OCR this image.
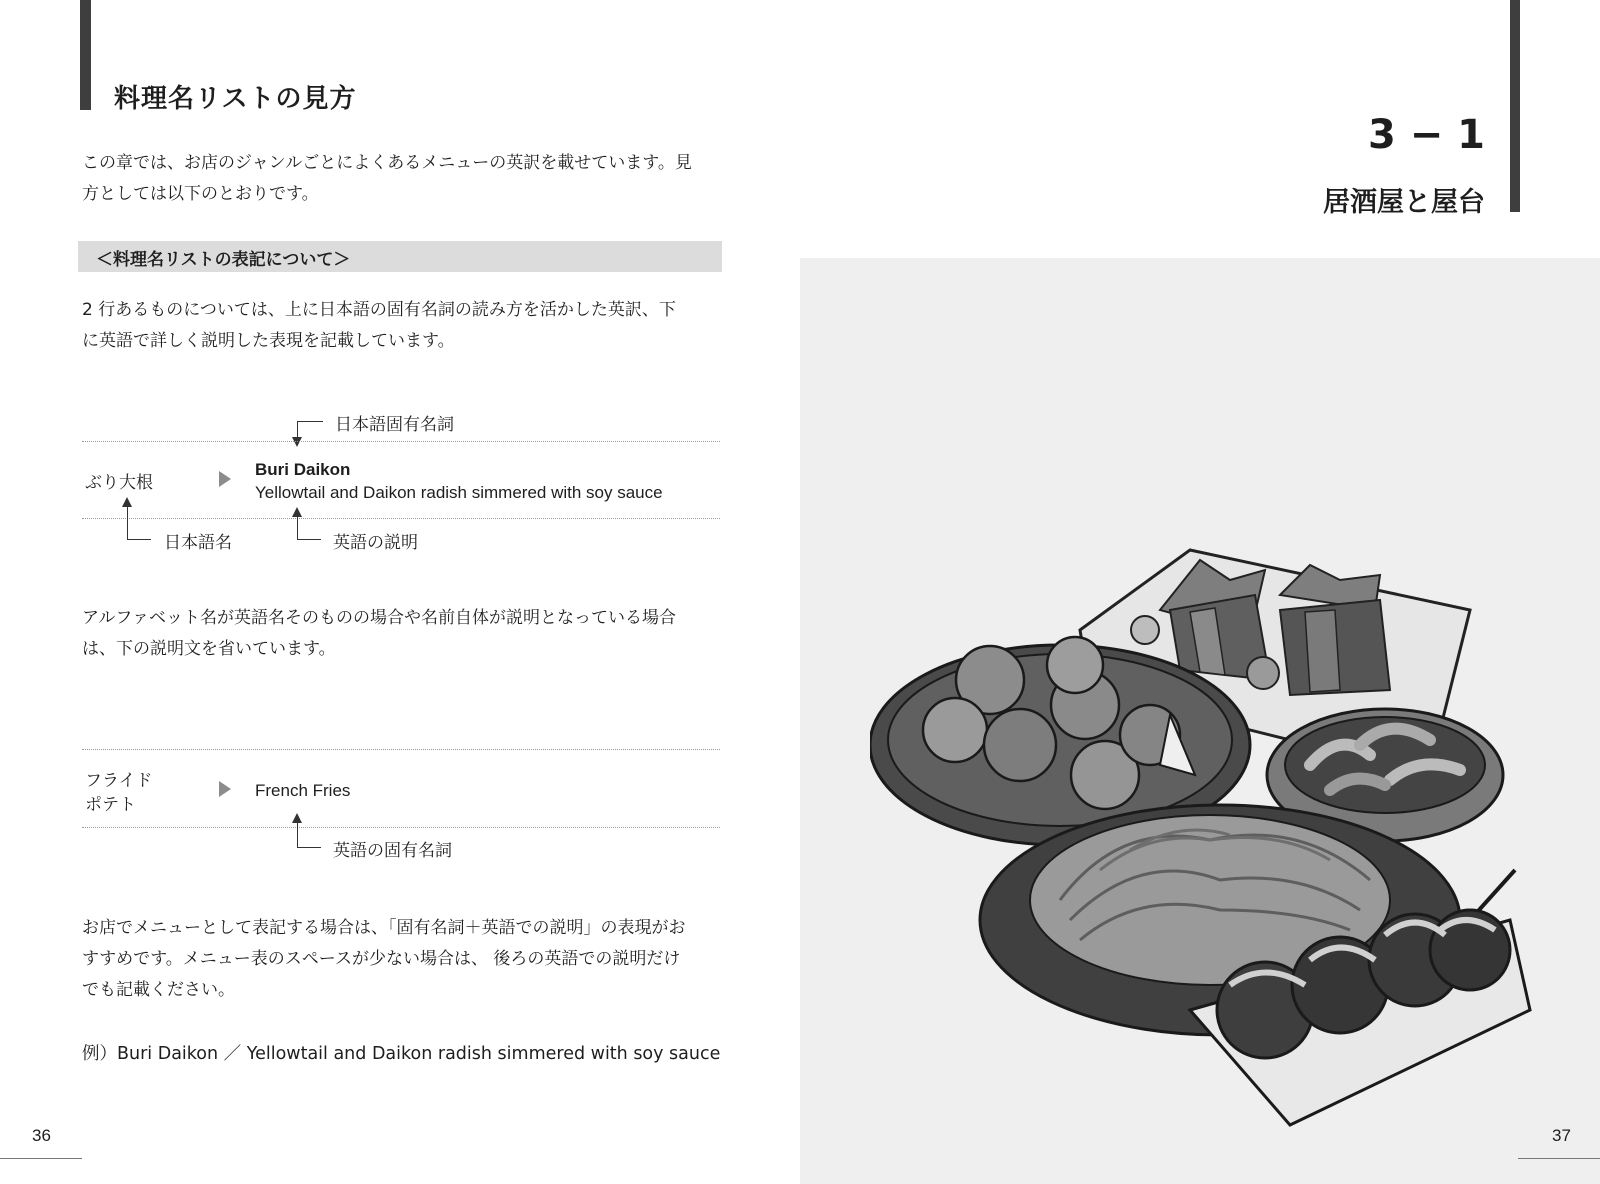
料理名リストの見方

この章では、お店のジャンルごとによくあるメニューの英訳を載せています。見

方としては以下のとおりです。

＜料理名リストの表記について＞

2 行あるものについては、上に日本語の固有名詞の読み方を活かした英訳、下

に英語で詳しく説明した表現を記載しています。

日本語固有名詞
ぶり大根
Buri Daikon
Yellowtail and Daikon radish simmered with soy sauce
日本語名	英語の説明

アルファベット名が英語名そのものの場合や名前自体が説明となっている場合

は、下の説明文を省いています。

フライド
ポテト
French Fries
英語の固有名詞

お店でメニューとして表記する場合は、「固有名詞＋英語での説明」の表現がお

すすめです。メニュー表のスペースが少ない場合は、 後ろの英語での説明だけ

でも記載ください。

例）Buri Daikon ／ Yellowtail and Daikon radish simmered with soy sauce
36
3 − 1
居酒屋と屋台
37
